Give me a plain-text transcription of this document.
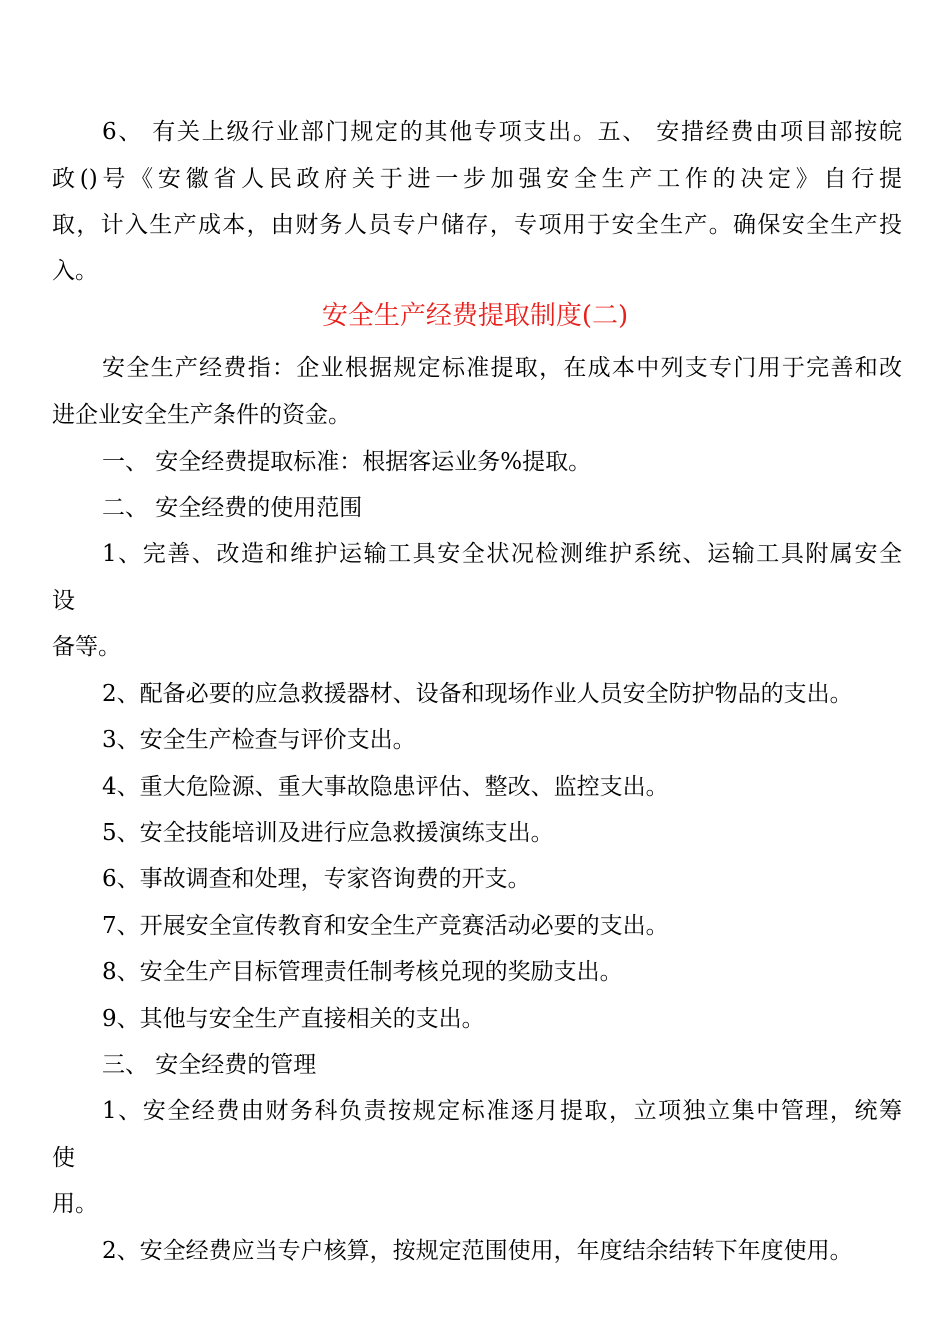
6、 有关上级行业部门规定的其他专项支出。五、 安措经费由项目部按皖
政()号《安徽省人民政府关于进一步加强安全生产工作的决定》自行提
取，计入生产成本，由财务人员专户储存，专项用于安全生产。确保安全生产投
入。
安全生产经费提取制度(二)
安全生产经费指：企业根据规定标准提取，在成本中列支专门用于完善和改
进企业安全生产条件的资金。
一、 安全经费提取标准：根据客运业务%提取。
二、 安全经费的使用范围
1、完善、改造和维护运输工具安全状况检测维护系统、运输工具附属安全
设
备等。
2、配备必要的应急救援器材、设备和现场作业人员安全防护物品的支出。
3、安全生产检查与评价支出。
4、重大危险源、重大事故隐患评估、整改、监控支出。
5、安全技能培训及进行应急救援演练支出。
6、事故调查和处理，专家咨询费的开支。
7、开展安全宣传教育和安全生产竞赛活动必要的支出。
8、安全生产目标管理责任制考核兑现的奖励支出。
9、其他与安全生产直接相关的支出。
三、 安全经费的管理
1、安全经费由财务科负责按规定标准逐月提取，立项独立集中管理，统筹
使
用。
2、安全经费应当专户核算，按规定范围使用，年度结余结转下年度使用。
